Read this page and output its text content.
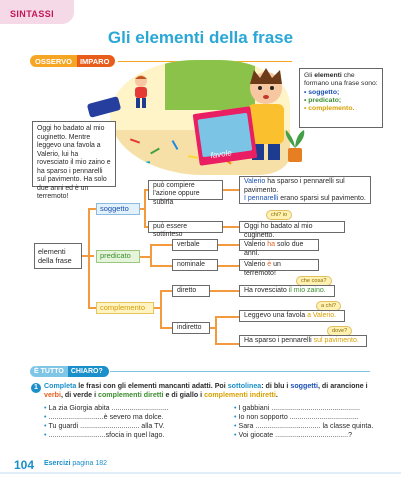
SINTASSI
Gli elementi della frase
OSSERVO	IMPARO
favole
Gli elementi che formano una frase sono:
• soggetto;
• predicato;
• complemento.
Oggi ho badato al mio cuginetto. Mentre leggevo una favola a Valerio, lui ha rovesciato il mio zaino e ha sparso i pennarelli sul pavimento. Ha solo due anni ed è un terremoto!
elementi della frase
soggetto
predicato
complemento
può compiere l'azione oppure subirla
può essere sottinteso
verbale
nominale
diretto
indiretto
Valerio ha sparso i pennarelli sul pavimento.
I pennarelli erano sparsi sul pavimento.
chi? io
Oggi ho badato al mio cuginetto.
Valerio ha solo due anni.
Valerio è un terremoto!
che cosa?
Ha rovesciato il mio zaino.
a chi?
Leggevo una favola a Valerio.
dove?
Ha sparso i pennarelli sul pavimento.
È TUTTO	CHIARO?
1 Completa le frasi con gli elementi mancanti adatti. Poi sottolinea: di blu i soggetti, di arancione i verbi, di verde i complementi diretti e di giallo i complementi indiretti.
• La zia Giorgia abita .............................
• ............................è severo ma dolce.
• Tu guardi .............................. alla TV.
• .............................sfocia in quel lago.
• I gabbiani .............................................
• Io non sopporto ...................................
• Sara ................................. la classe quinta.
• Voi giocate .....................................?
104 Esercizi pagina 182
